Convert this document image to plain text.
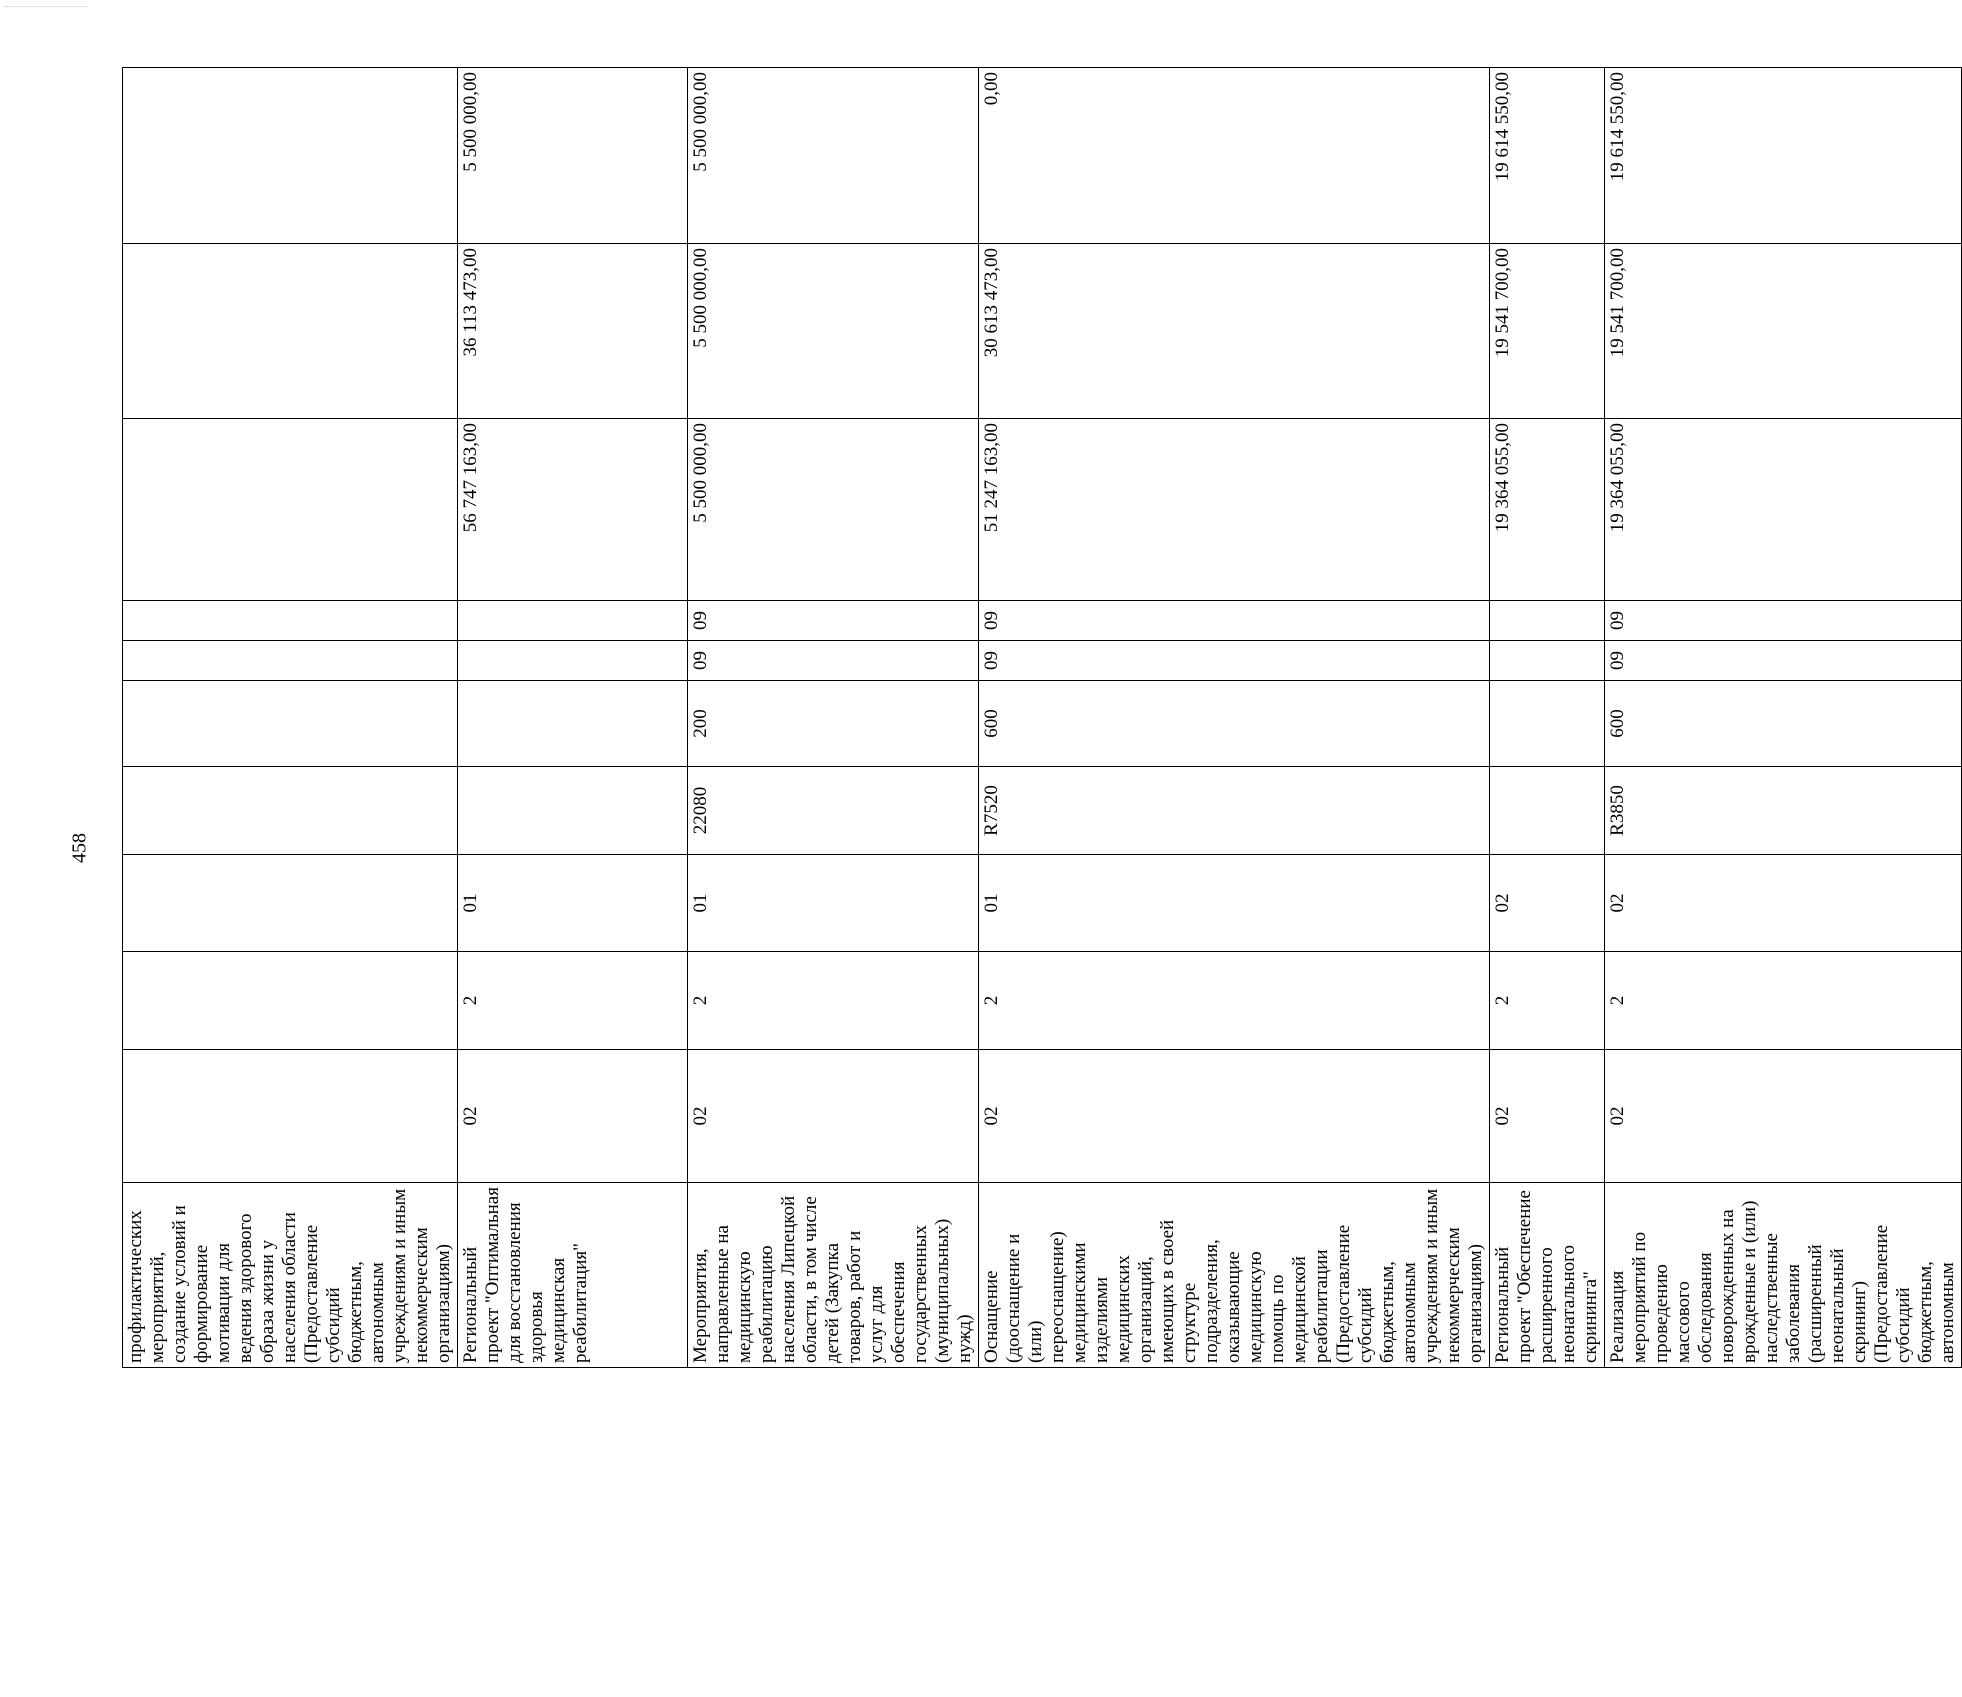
458
профилактических мероприятий, создание условий и формирование мотивации для ведения здорового образа жизни у населения области (Предоставление субсидий бюджетным, автономным учреждениям и иным некоммерческим организациям)										
Региональный проект "Оптимальная для восстановления здоровья медицинская реабилитация"	02	2	01					56 747 163,00	36 113 473,00	5 500 000,00
Мероприятия, направленные на медицинскую реабилитацию населения Липецкой области, в том числе детей (Закупка товаров, работ и услуг для обеспечения государственных (муниципальных) нужд)	02	2	01	22080	200	09	09	5 500 000,00	5 500 000,00	5 500 000,00
Оснащение (дооснащение и (или) переоснащение) медицинскими изделиями медицинских организаций, имеющих в своей структуре подразделения, оказывающие медицинскую помощь по медицинской реабилитации (Предоставление субсидий бюджетным, автономным учреждениям и иным некоммерческим организациям)	02	2	01	R7520	600	09	09	51 247 163,00	30 613 473,00	0,00
Региональный проект "Обеспечение расширенного неонатального скрининга"	02	2	02					19 364 055,00	19 541 700,00	19 614 550,00
Реализация мероприятий по проведению массового обследования новорожденных на врожденные и (или) наследственные заболевания (расширенный неонатальный скрининг) (Предоставление субсидий бюджетным, автономным	02	2	02	R3850	600	09	09	19 364 055,00	19 541 700,00	19 614 550,00
